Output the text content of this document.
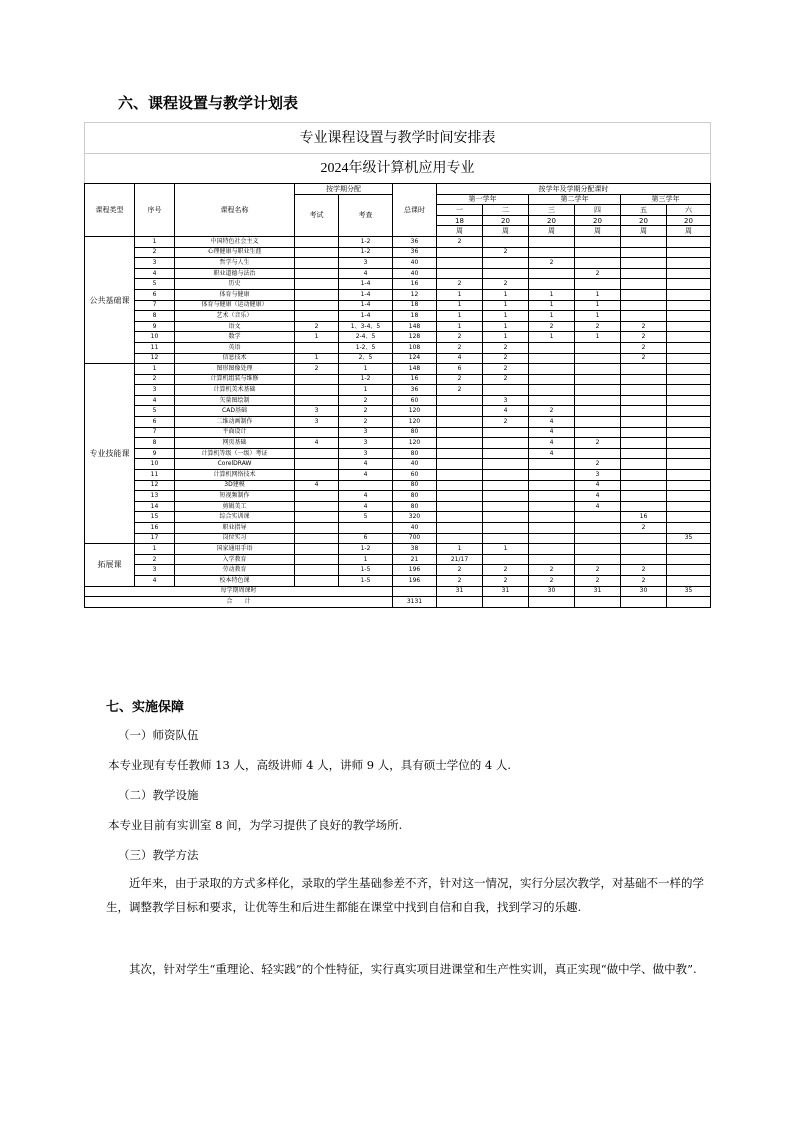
六、课程设置与教学计划表
专业课程设置与教学时间安排表
2024年级计算机应用专业
课程类型	序号	课程名称	按学期分配		总课时	按学年及学期分配课时					
			考试	考查		第一学年		第二学年		第三学年	
						一	二	三	四	五	六
						18	20	20	20	20	20
						周	周	周	周	周	周
公共基础课	1	中国特色社会主义		1-2	36	2					
	2	心理健康与职业生涯		1-2	36		2				
	3	哲学与人生		3	40			2			
	4	职业道德与法治		4	40				2		
	5	历史		1-4	16	2	2				
	6	体育与健康		1-4	12	1	1	1	1		
	7	体育与健康（运动健康）		1-4	18	1	1	1	1		
	8	艺术（音乐）		1-4	18	1	1	1	1		
	9	语文	2	1、3-4、5	148	1	1	2	2	2	
	10	数学	1	2-4、5	128	2	1	1	1	2	
	11	英语		1-2、5	108	2	2			2	
	12	信息技术	1	2、5	124	4	2			2	
专业技能课	1	图形图像处理	2	1	148	6	2				
	2	计算机组装与维修		1-2	16	2	2				
	3	计算机美术基础		1	36	2					
	4	矢量图绘制		2	60		3				
	5	CAD基础	3	2	120		4	2			
	6	二维动画制作	3	2	120		2	4			
	7	平面设计		3	80			4			
	8	网页基础	4	3	120			4	2		
	9	计算机等级（一级）考证		3	80			4			
	10	CorelDRAW		4	40				2		
	11	计算机网络技术		4	60				3		
	12	3D建模	4		80				4		
	13	短视频制作		4	80				4		
	14	剪辑美工		4	80				4		
	15	综合实训课		5	320					16	
	16	职业指导			40					2	
	17	岗位实习		6	700						35
拓展课	1	国家通用手语		1-2	38	1	1				
	2	入学教育		1	21	21/17					
	3	劳动教育		1-5	196	2	2	2	2	2	
	4	校本特色课		1-5	196	2	2	2	2	2	
每学期周课时						31	31	30	31	30	35
合　　计					3131						
七、实施保障

（一）师资队伍

本专业现有专任教师 13 人，高级讲师 4 人，讲师 9 人，具有硕士学位的 4 人.

（二）教学设施

本专业目前有实训室 8 间，为学习提供了良好的教学场所.

（三）教学方法

近年来，由于录取的方式多样化，录取的学生基础参差不齐，针对这一情况，实行分层次教学，对基础不一样的学生，调整教学目标和要求，让优等生和后进生都能在课堂中找到自信和自我，找到学习的乐趣.

其次，针对学生“重理论、轻实践”的个性特征，实行真实项目进课堂和生产性实训，真正实现“做中学、做中教”.
